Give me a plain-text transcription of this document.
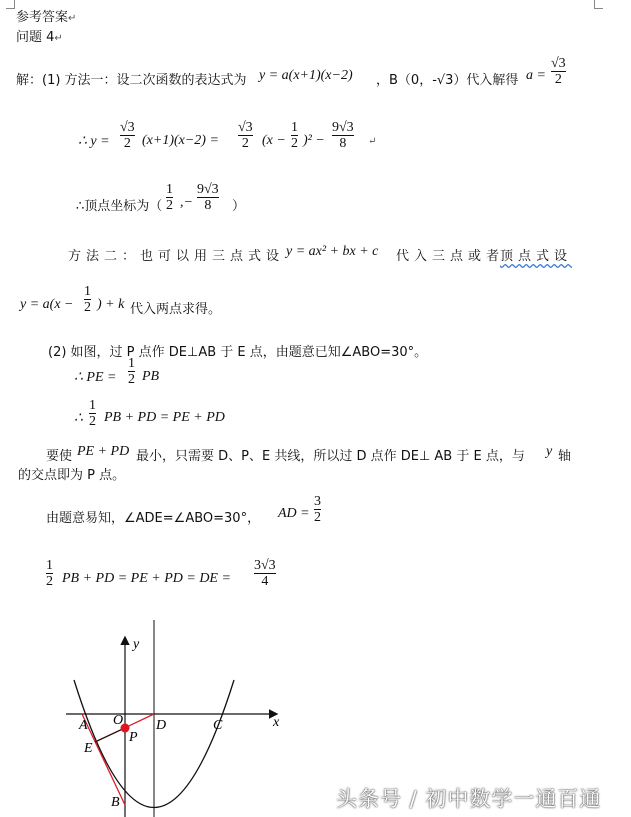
参考答案↵
问题 4↵
解：(1) 方法一：设二次函数的表达式为 y = a(x+1)(x−2) ，B（0，-√3）代入解得 $a = \frac{√3}{2}$
∴ $y = \frac{√3}{2} (x+1)(x-2) = \frac{√3}{2} (x - \frac{1}{2} )^2 - \frac{9√3}{8}$ ↵
∴顶点坐标为（ $\frac{1}{2}$ ,− $\frac{9√3}{8}$ ）
方法二：也可以用三点式设 y = ax² + bx + c 代入三点或者
顶点式设
$y = a(x - \frac{1}{2}$ ) + k 代入两点求得。
(2) 如图，过 P 点作 DE⊥AB 于 E 点，由题意已知∠ABO=30°。
∴ PE = $\frac{1}{2}$ PB
∴ $\frac{1}{2}$ PB + PD = PE + PD
要使 PE + PD 最小，只需要 D、P、E 共线，所以过 D 点作 DE⊥ AB 于 E 点，与 y 轴
的交点即为 P 点。
由题意易知，∠ADE=∠ABO=30°， AD = $\frac{3}{2}$
$\frac{1}{2}$ PB + PD = PE + PD = DE = $\frac{3√3}{4}$
y
x
O
A	D	C
P
E
B	头条号 / 初中数学一通百通
